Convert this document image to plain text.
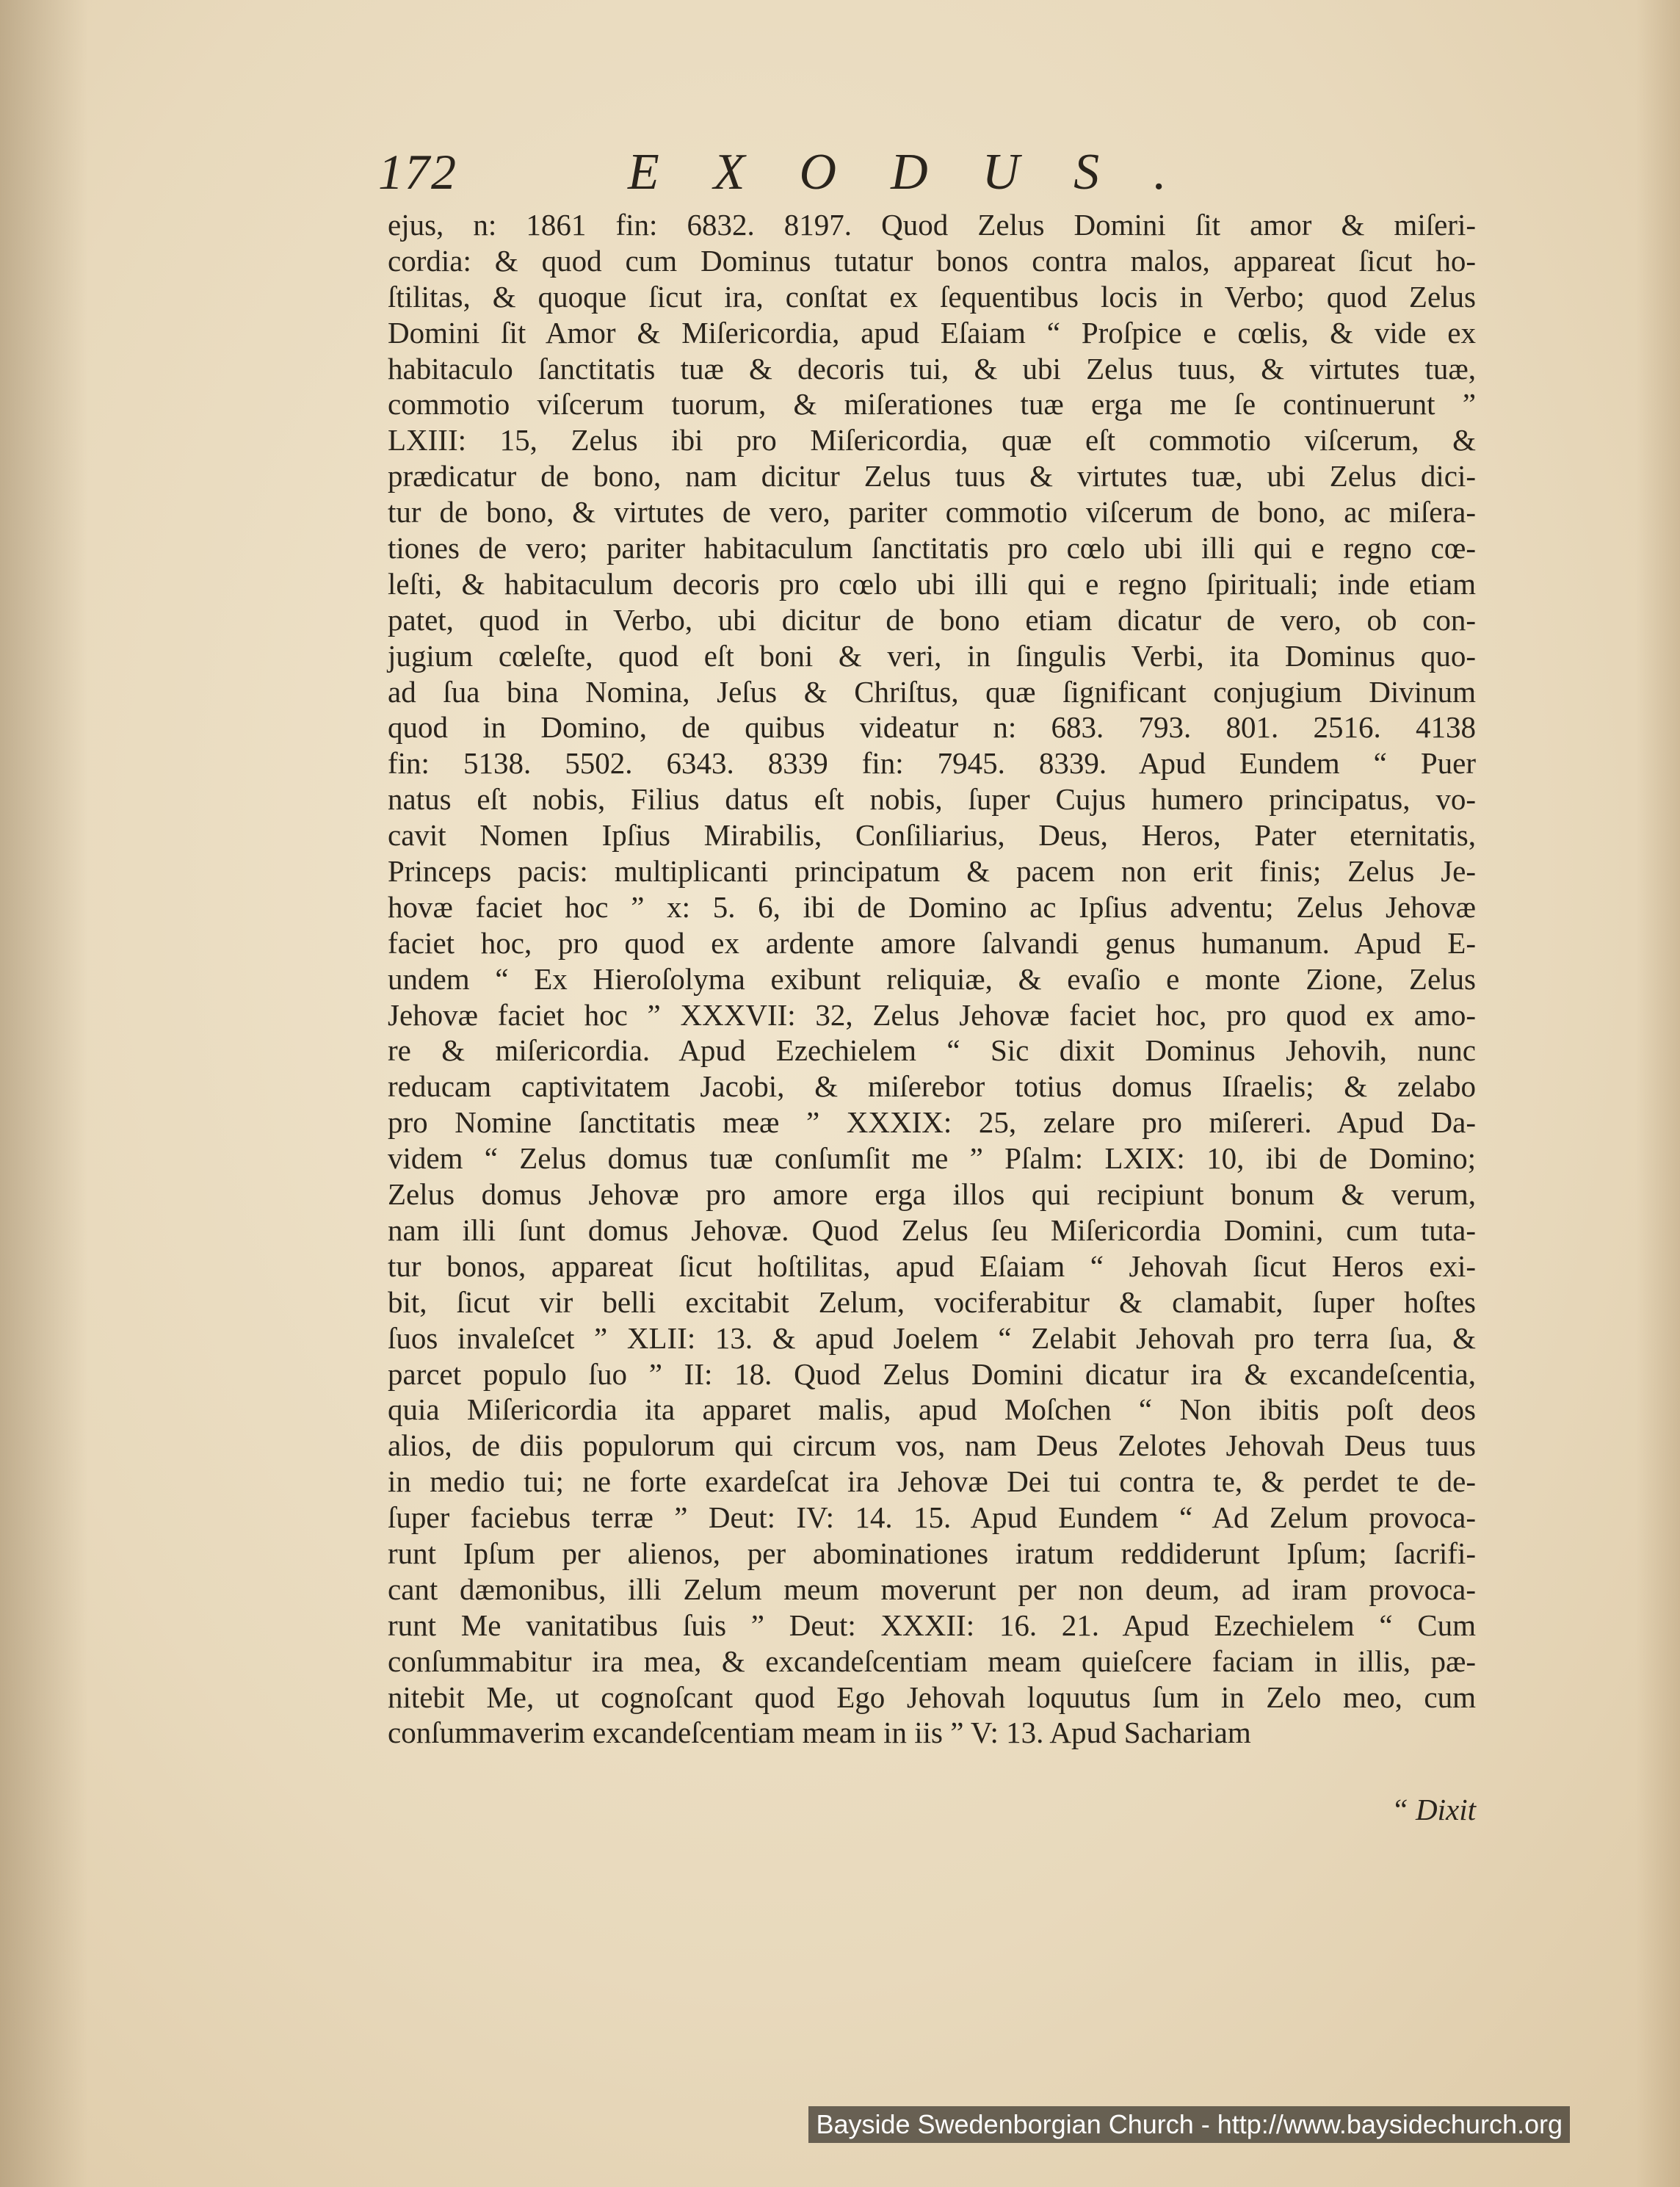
172	EXODUS.
ejus, n: 1861 fin: 6832. 8197. Quod Zelus Domini ſit amor & miſeri-
cordia: & quod cum Dominus tutatur bonos contra malos, appareat ſicut ho-
ſtilitas, & quoque ſicut ira, conſtat ex ſequentibus locis in Verbo; quod Zelus
Domini ſit Amor & Miſericordia, apud Eſaiam “ Proſpice e cœlis, & vide ex
habitaculo ſanctitatis tuæ & decoris tui, & ubi Zelus tuus, & virtutes tuæ,
commotio viſcerum tuorum, & miſerationes tuæ erga me ſe continuerunt ”
LXIII: 15, Zelus ibi pro Miſericordia, quæ eſt commotio viſcerum, &
prædicatur de bono, nam dicitur Zelus tuus & virtutes tuæ, ubi Zelus dici-
tur de bono, & virtutes de vero, pariter commotio viſcerum de bono, ac miſera-
tiones de vero; pariter habitaculum ſanctitatis pro cœlo ubi illi qui e regno cœ-
leſti, & habitaculum decoris pro cœlo ubi illi qui e regno ſpirituali; inde etiam
patet, quod in Verbo, ubi dicitur de bono etiam dicatur de vero, ob con-
jugium cœleſte, quod eſt boni & veri, in ſingulis Verbi, ita Dominus quo-
ad ſua bina Nomina, Jeſus & Chriſtus, quæ ſignificant conjugium Divinum
quod in Domino, de quibus videatur n: 683. 793. 801. 2516. 4138
fin: 5138. 5502. 6343. 8339 fin: 7945. 8339. Apud Eundem “ Puer
natus eſt nobis, Filius datus eſt nobis, ſuper Cujus humero principatus, vo-
cavit Nomen Ipſius Mirabilis, Conſiliarius, Deus, Heros, Pater eternitatis,
Princeps pacis: multiplicanti principatum & pacem non erit finis; Zelus Je-
hovæ faciet hoc ” x: 5. 6, ibi de Domino ac Ipſius adventu; Zelus Jehovæ
faciet hoc, pro quod ex ardente amore ſalvandi genus humanum. Apud E-
undem “ Ex Hieroſolyma exibunt reliquiæ, & evaſio e monte Zione, Zelus
Jehovæ faciet hoc ” XXXVII: 32, Zelus Jehovæ faciet hoc, pro quod ex amo-
re & miſericordia. Apud Ezechielem “ Sic dixit Dominus Jehovih, nunc
reducam captivitatem Jacobi, & miſerebor totius domus Iſraelis; & zelabo
pro Nomine ſanctitatis meæ ” XXXIX: 25, zelare pro miſereri. Apud Da-
videm “ Zelus domus tuæ conſumſit me ” Pſalm: LXIX: 10, ibi de Domino;
Zelus domus Jehovæ pro amore erga illos qui recipiunt bonum & verum,
nam illi ſunt domus Jehovæ. Quod Zelus ſeu Miſericordia Domini, cum tuta-
tur bonos, appareat ſicut hoſtilitas, apud Eſaiam “ Jehovah ſicut Heros exi-
bit, ſicut vir belli excitabit Zelum, vociferabitur & clamabit, ſuper hoſtes
ſuos invaleſcet ” XLII: 13. & apud Joelem “ Zelabit Jehovah pro terra ſua, &
parcet populo ſuo ” II: 18. Quod Zelus Domini dicatur ira & excandeſcentia,
quia Miſericordia ita apparet malis, apud Moſchen “ Non ibitis poſt deos
alios, de diis populorum qui circum vos, nam Deus Zelotes Jehovah Deus tuus
in medio tui; ne forte exardeſcat ira Jehovæ Dei tui contra te, & perdet te de-
ſuper faciebus terræ ” Deut: IV: 14. 15. Apud Eundem “ Ad Zelum provoca-
runt Ipſum per alienos, per abominationes iratum reddiderunt Ipſum; ſacrifi-
cant dæmonibus, illi Zelum meum moverunt per non deum, ad iram provoca-
runt Me vanitatibus ſuis ” Deut: XXXII: 16. 21. Apud Ezechielem “ Cum
conſummabitur ira mea, & excandeſcentiam meam quieſcere faciam in illis, pæ-
nitebit Me, ut cognoſcant quod Ego Jehovah loquutus ſum in Zelo meo, cum
conſummaverim excandeſcentiam meam in iis ” V: 13. Apud Sachariam
“ Dixit
Bayside Swedenborgian Church - http://www.baysidechurch.org
